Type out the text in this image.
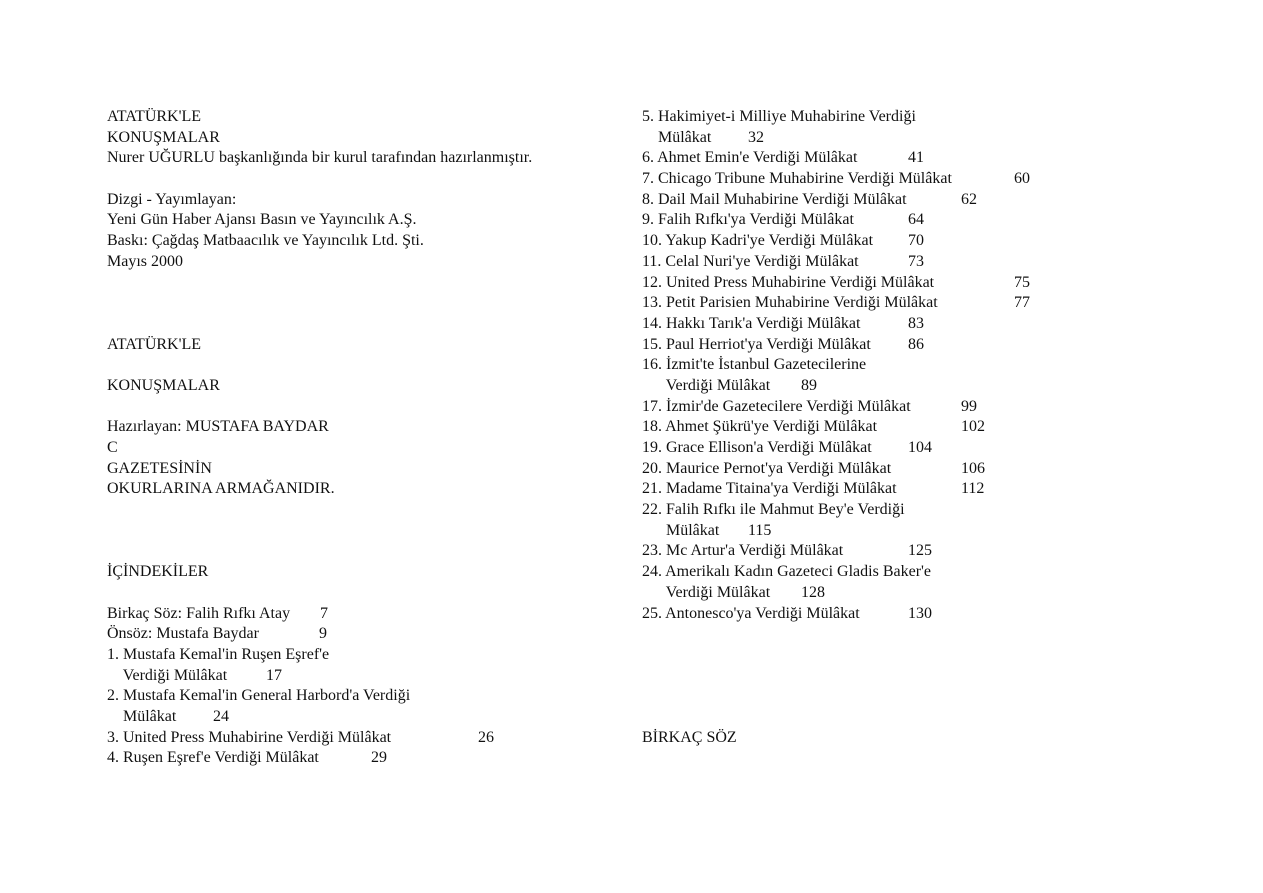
ATATÜRK'LE
KONUŞMALAR
Nurer UĞURLU başkanlığında bir kurul tarafından hazırlanmıştır.
Dizgi - Yayımlayan:
Yeni Gün Haber Ajansı Basın ve Yayıncılık A.Ş.
Baskı: Çağdaş Matbaacılık ve Yayıncılık Ltd. Şti.
Mayıs 2000
ATATÜRK'LE
KONUŞMALAR
Hazırlayan: MUSTAFA BAYDAR
C
GAZETESİNİN
OKURLARINA ARMAĞANIDIR.
İÇİNDEKİLER
Birkaç Söz: Falih Rıfkı Atay 7
Önsöz: Mustafa Baydar	9
1. Mustafa Kemal'in Ruşen Eşref'e
Verdiği Mülâkat 17
2. Mustafa Kemal'in General Harbord'a Verdiği
Mülâkat 24
3. United Press Muhabirine Verdiği Mülâkat	26
4. Ruşen Eşref'e Verdiği Mülâkat	29
5. Hakimiyet-i Milliye Muhabirine Verdiği
Mülâkat 32
6. Ahmet Emin'e Verdiği Mülâkat	41
7. Chicago Tribune Muhabirine Verdiği Mülâkat	60
8. Dail Mail Muhabirine Verdiği Mülâkat	62
9. Falih Rıfkı'ya Verdiği Mülâkat	64
10. Yakup Kadri'ye Verdiği Mülâkat 70
11. Celal Nuri'ye Verdiği Mülâkat	73
12. United Press Muhabirine Verdiği Mülâkat	75
13. Petit Parisien Muhabirine Verdiği Mülâkat	77
14. Hakkı Tarık'a Verdiği Mülâkat	83
15. Paul Herriot'ya Verdiği Mülâkat 86
16. İzmit'te İstanbul Gazetecilerine
Verdiği Mülâkat 89
17. İzmir'de Gazetecilere Verdiği Mülâkat	99
18. Ahmet Şükrü'ye Verdiği Mülâkat	102
19. Grace Ellison'a Verdiği Mülâkat 104
20. Maurice Pernot'ya Verdiği Mülâkat	106
21. Madame Titaina'ya Verdiği Mülâkat	112
22. Falih Rıfkı ile Mahmut Bey'e Verdiği
Mülâkat 115
23. Mc Artur'a Verdiği Mülâkat	125
24. Amerikalı Kadın Gazeteci Gladis Baker'e
Verdiği Mülâkat 128
25. Antonesco'ya Verdiği Mülâkat	130
BİRKAÇ SÖZ
